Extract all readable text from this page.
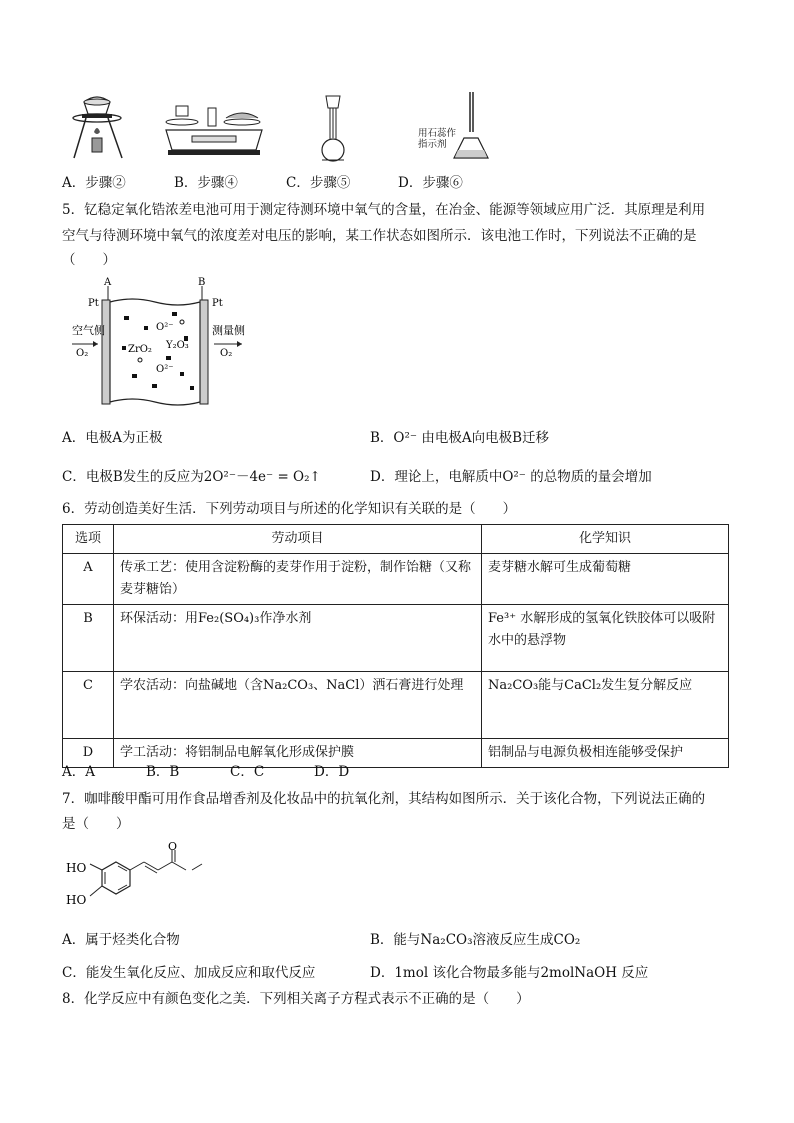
用石蕊作
指示剂
A．步骤②	B．步骤④	C．步骤⑤	D．步骤⑥
5．钇稳定氧化锆浓差电池可用于测定待测环境中氧气的含量，在冶金、能源等领域应用广泛．其原理是利用
空气与待测环境中氧气的浓度差对电压的影响，某工作状态如图所示．该电池工作时，下列说法不正确的是
（　　）
A	B
Pt	Pt
空气侧	测量侧
O₂	O₂
O²⁻
ZrO₂ Y₂O₃
O²⁻
A．电极A为正极	B．O²⁻ 由电极A向电极B迁移
C．电极B发生的反应为2O²⁻－4e⁻ = O₂↑	D．理论上，电解质中O²⁻ 的总物质的量会增加
6．劳动创造美好生活．下列劳动项目与所述的化学知识有关联的是（　　）
选项	劳动项目	化学知识
A	传承工艺：使用含淀粉酶的麦芽作用于淀粉，制作饴糖（又称麦芽糖饴）	麦芽糖水解可生成葡萄糖
B	环保活动：用Fe₂(SO₄)₃作净水剂	Fe³⁺ 水解形成的氢氧化铁胶体可以吸附水中的悬浮物
C	学农活动：向盐碱地（含Na₂CO₃、NaCl）洒石膏进行处理	Na₂CO₃能与CaCl₂发生复分解反应
D	学工活动：将铝制品电解氧化形成保护膜	铝制品与电源负极相连能够受保护
A．A	B．B	C．C	D．D
7．咖啡酸甲酯可用作食品增香剂及化妆品中的抗氧化剂，其结构如图所示．关于该化合物，下列说法正确的
是（　　）
HO
HO
O
A．属于烃类化合物	B．能与Na₂CO₃溶液反应生成CO₂
C．能发生氧化反应、加成反应和取代反应	D．1mol 该化合物最多能与2molNaOH 反应
8．化学反应中有颜色变化之美．下列相关离子方程式表示不正确的是（　　）
